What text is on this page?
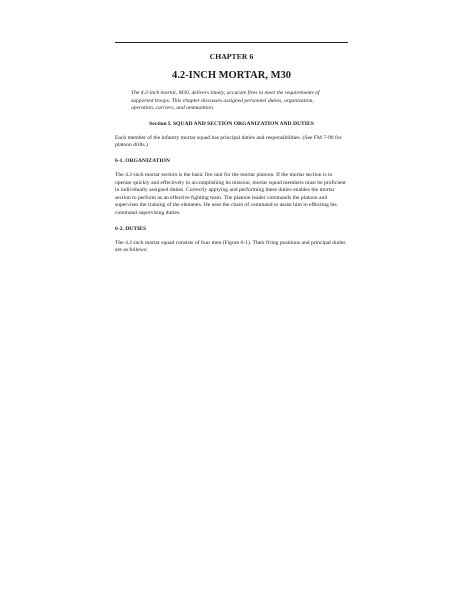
CHAPTER 6

4.2-INCH MORTAR, M30

The 4.2-inch mortar, M30, delivers timely, accurate fires to meet the requirements of supported troops. This chapter discusses assigned personnel duties, organization, operation, carriers, and ammunition.

Section I. SQUAD AND SECTION ORGANIZATION AND DUTIES

Each member of the infantry mortar squad has principal duties and responsibilities. (See FM 7-90 for platoon drills.)

6-1. ORGANIZATION

The 4.2-inch mortar section is the basic fire unit for the mortar platoon. If the mortar section is to operate quickly and effectively in accomplishing its mission, mortar squad members must be proficient in individually assigned duties. Correctly applying and performing these duties enables the mortar section to perform as an effective fighting team. The platoon leader commands the platoon and supervises the training of the elements. He uses the chain of command to assist him in effecting his command supervising duties.

6-2. DUTIES

The 4.2-inch mortar squad consists of four men (Figure 6-1). Their firing positions and principal duties are as follows:
